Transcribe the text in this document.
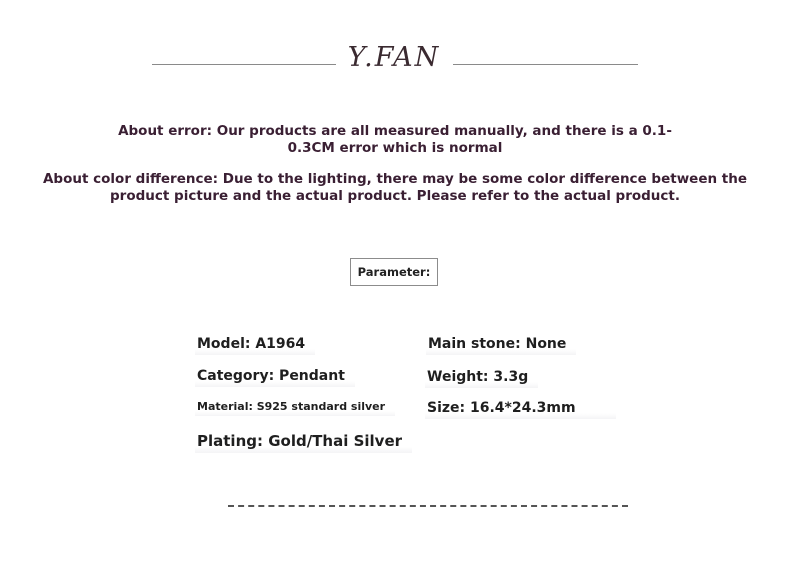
Y.FAN
About error: Our products are all measured manually, and there is a 0.1-0.3CM error which is normal
About color difference: Due to the lighting, there may be some color difference between the product picture and the actual product. Please refer to the actual product.
Parameter:
Model: A1964	Main stone: None
Category: Pendant	Weight: 3.3g
Material: S925 standard silver	Size: 16.4*24.3mm
Plating: Gold/Thai Silver
